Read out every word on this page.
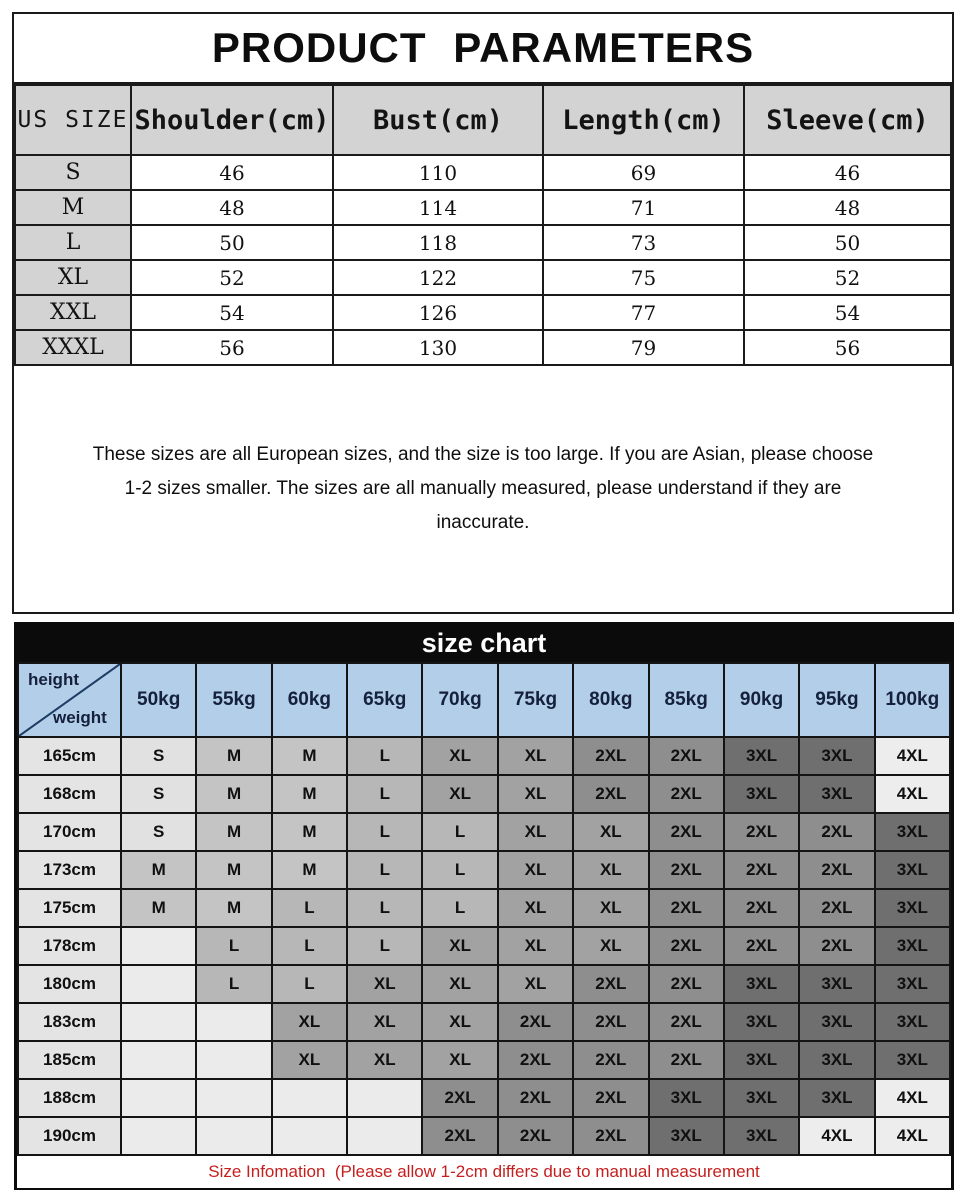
PRODUCT PARAMETERS
US SIZE	Shoulder(cm)	Bust(cm)	Length(cm)	Sleeve(cm)
S	46	110	69	46
M	48	114	71	48
L	50	118	73	50
XL	52	122	75	52
XXL	54	126	77	54
XXXL	56	130	79	56
These sizes are all European sizes, and the size is too large. If you are Asian, please choose
1-2 sizes smaller. The sizes are all manually measured, please understand if they are
inaccurate.
size chart
height
weight	50kg	55kg	60kg	65kg	70kg	75kg	80kg	85kg	90kg	95kg	100kg
165cm	S	M	M	L	XL	XL	2XL	2XL	3XL	3XL	4XL
168cm	S	M	M	L	XL	XL	2XL	2XL	3XL	3XL	4XL
170cm	S	M	M	L	L	XL	XL	2XL	2XL	2XL	3XL
173cm	M	M	M	L	L	XL	XL	2XL	2XL	2XL	3XL
175cm	M	M	L	L	L	XL	XL	2XL	2XL	2XL	3XL
178cm		L	L	L	XL	XL	XL	2XL	2XL	2XL	3XL
180cm		L	L	XL	XL	XL	2XL	2XL	3XL	3XL	3XL
183cm			XL	XL	XL	2XL	2XL	2XL	3XL	3XL	3XL
185cm			XL	XL	XL	2XL	2XL	2XL	3XL	3XL	3XL
188cm					2XL	2XL	2XL	3XL	3XL	3XL	4XL
190cm					2XL	2XL	2XL	3XL	3XL	4XL	4XL
Size Infomation  (Please allow 1-2cm differs due to manual measurement
